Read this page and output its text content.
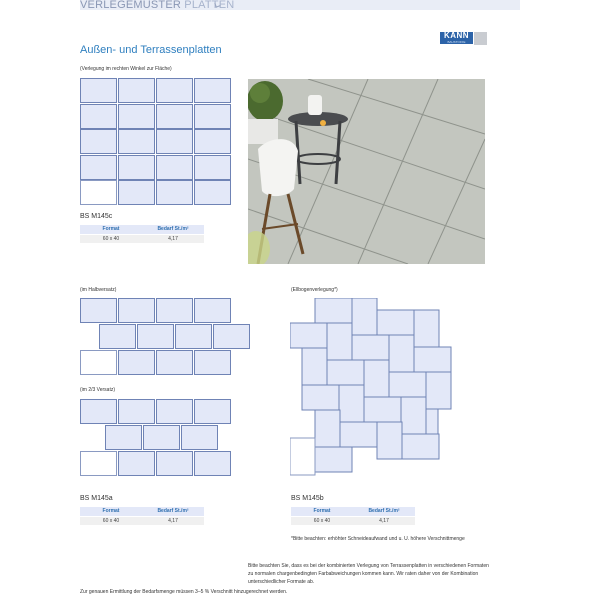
VERLEGEMUSTER PLATTEN
KANN
BAUSTOFFE
Außen- und Terrassenplatten
(Verlegung im rechten Winkel zur Fläche)
BS M145c
Format	Bedarf St./m²
60 x 40	4,17
(im Halbversatz)
(im 2/3 Versatz)
BS M145a
Format	Bedarf St./m²
60 x 40	4,17
(Ellbogenverlegung*)
BS M145b
Format	Bedarf St./m²
60 x 40	4,17
*Bitte beachten: erhöhter Schneideaufwand und u. U. höhere Verschnittmenge
Bitte beachten Sie, dass es bei der kombinierten Verlegung von Terrassenplatten in verschiedenen Formaten zu normalen chargenbedingten Farbabweichungen kommen kann. Wir raten daher von der Kombination unterschiedlicher Formate ab.
Zur genauen Ermittlung der Bedarfsmenge müssen 3–5 % Verschnitt hinzugerechnet werden.
